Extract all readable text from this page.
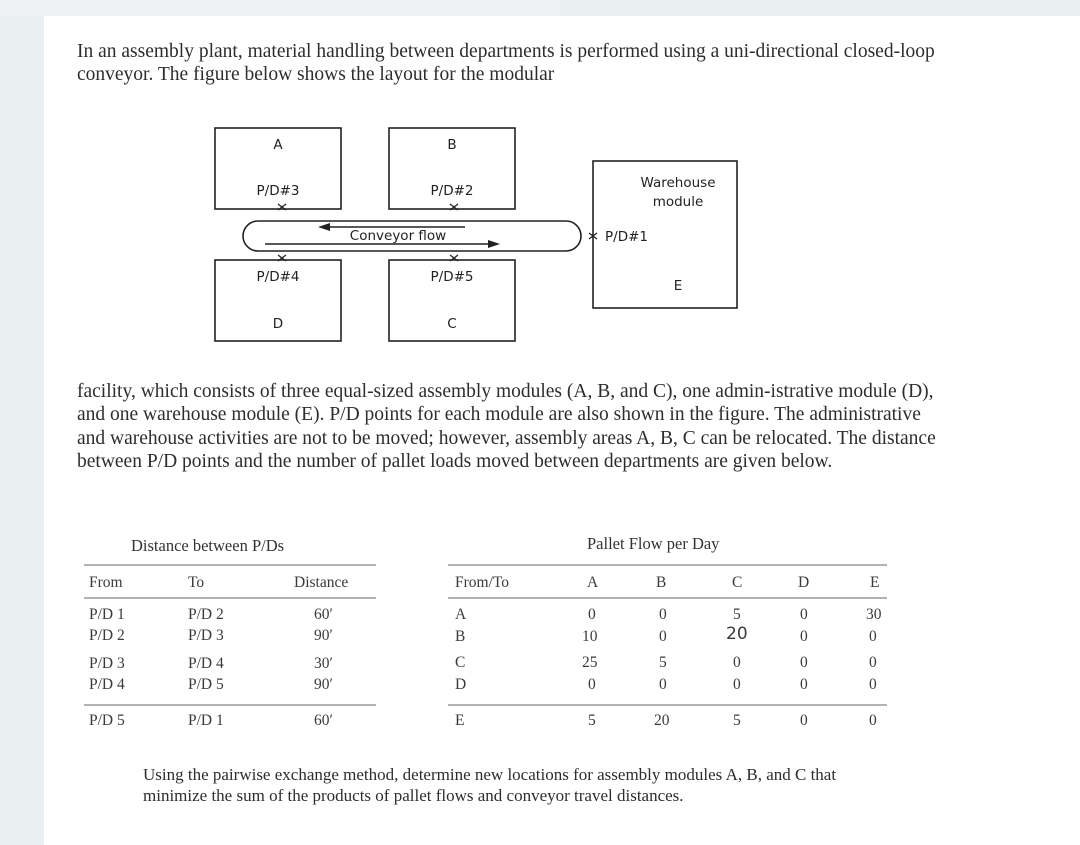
In an assembly plant, material handling between departments is performed using a uni-directional closed-loop conveyor. The figure below shows the layout for the modular

A
P/D#3
B
P/D#2
P/D#4
D
P/D#5
C
Conveyor flow
Warehouse
module
E
P/D#1

facility, which consists of three equal-sized assembly modules (A, B, and C), one admin-istrative module (D), and one warehouse module (E). P/D points for each module are also shown in the figure. The administrative and warehouse activities are not to be moved; however, assembly areas A, B, C can be relocated. The distance between P/D points and the number of pallet loads moved between departments are given below.

Distance between P/Ds	Pallet Flow per Day
From	To	Distance
P/D 1	P/D 2	60′
P/D 2	P/D 3	90′
P/D 3	P/D 4	30′
P/D 4	P/D 5	90′
P/D 5	P/D 1	60′
From/To	A	B	C	D	E
A	0	0	5	0	30
B	10	0	20	0	0
C	25	5	0	0	0
D	0	0	0	0	0
E	5	20	5	0	0

Using the pairwise exchange method, determine new locations for assembly modules A, B, and C that minimize the sum of the products of pallet flows and conveyor travel distances.
